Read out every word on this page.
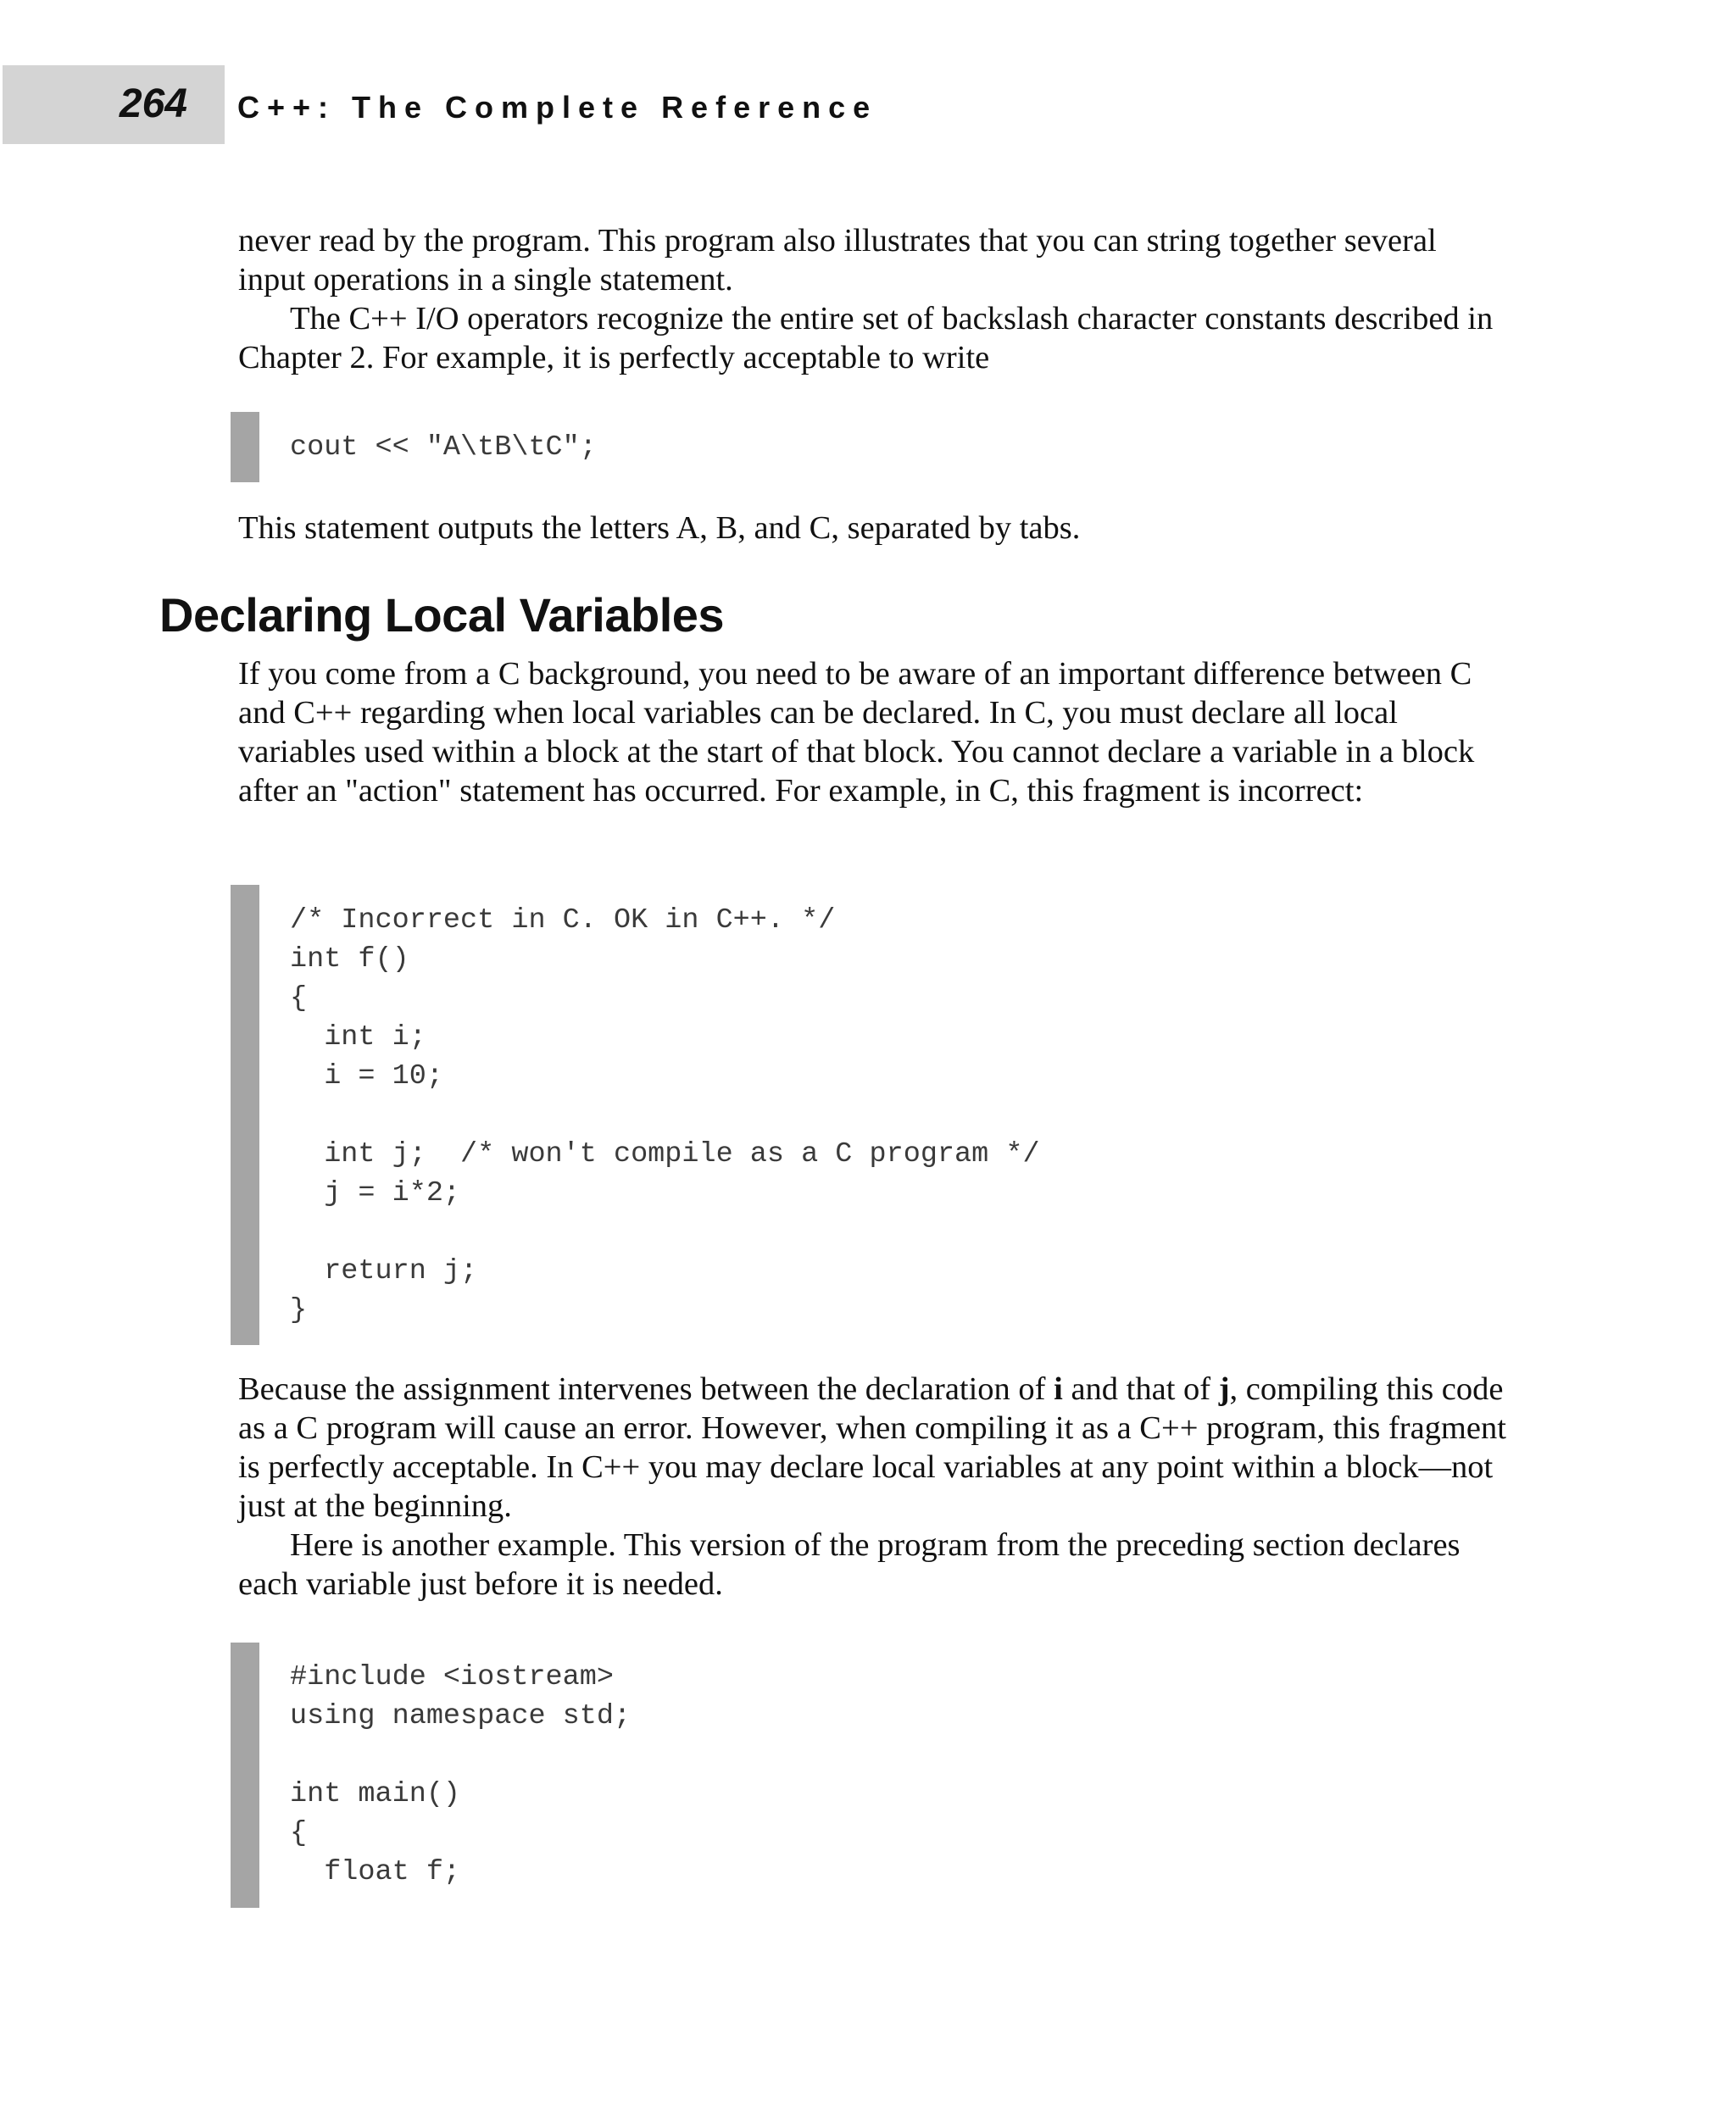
264 C++: The Complete Reference

never read by the program. This program also illustrates that you can string together several input operations in a single statement.

The C++ I/O operators recognize the entire set of backslash character constants described in Chapter 2. For example, it is perfectly acceptable to write

cout << "A\tB\tC";

This statement outputs the letters A, B, and C, separated by tabs.

Declaring Local Variables

If you come from a C background, you need to be aware of an important difference between C and C++ regarding when local variables can be declared. In C, you must declare all local variables used within a block at the start of that block. You cannot declare a variable in a block after an "action" statement has occurred. For example, in C, this fragment is incorrect:

/* Incorrect in C. OK in C++. */
int f()
{
int i;
i = 10;

int j;  /* won't compile as a C program */
j = i*2;

return j;
}

Because the assignment intervenes between the declaration of i and that of j, compiling this code as a C program will cause an error. However, when compiling it as a C++ program, this fragment is perfectly acceptable. In C++ you may declare local variables at any point within a block—not just at the beginning.

Here is another example. This version of the program from the preceding section declares each variable just before it is needed.

#include <iostream>
using namespace std;

int main()
{
float f;
